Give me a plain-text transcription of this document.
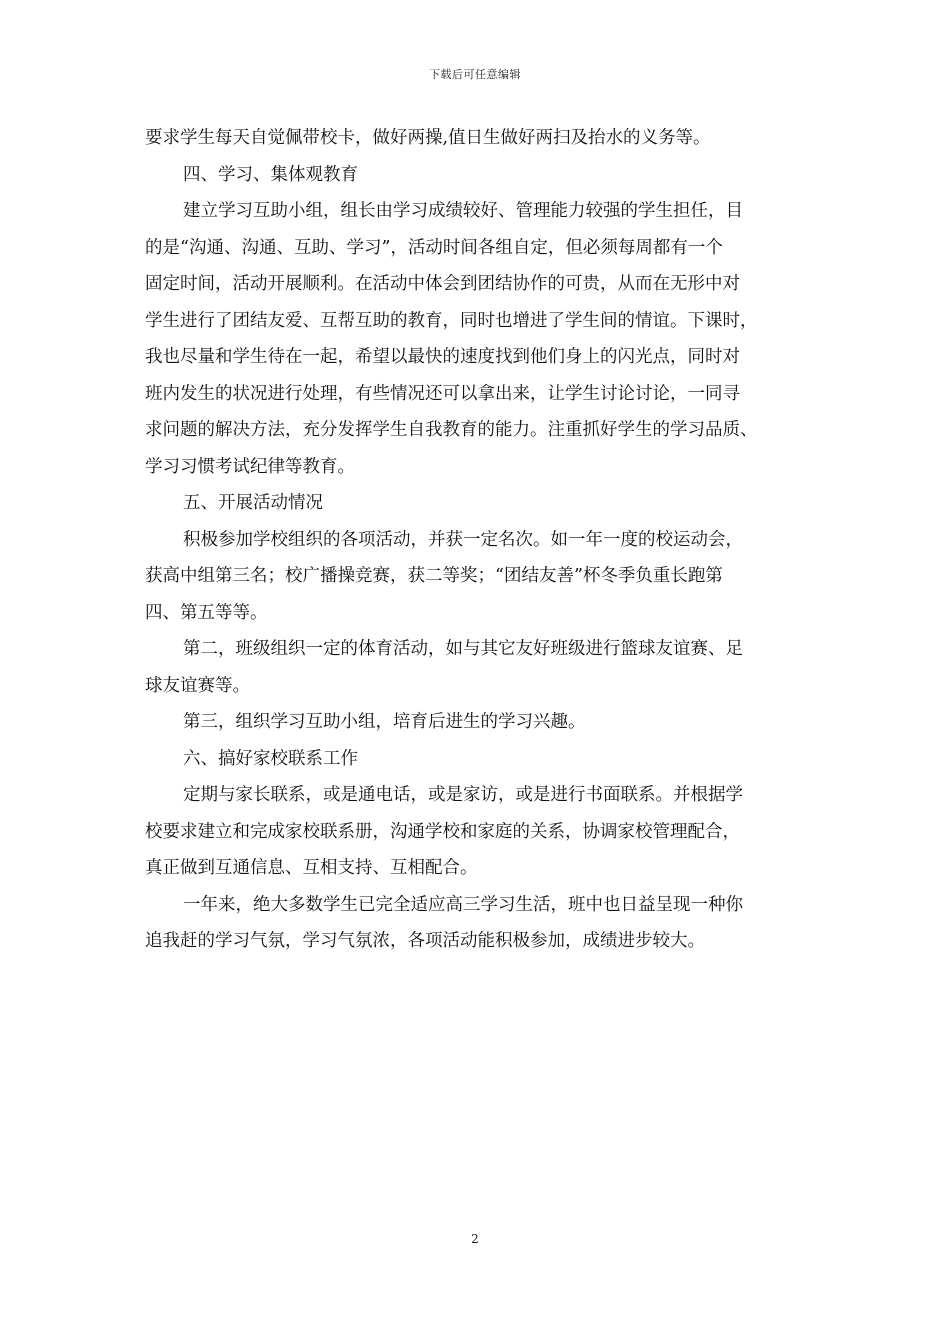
下载后可任意编辑
要求学生每天自觉佩带校卡，做好两操,值日生做好两扫及抬水的义务等。
四、学习、集体观教育
建立学习互助小组，组长由学习成绩较好、管理能力较强的学生担任，目
的是“沟通、沟通、互助、学习”，活动时间各组自定，但必须每周都有一个
固定时间，活动开展顺利。在活动中体会到团结协作的可贵，从而在无形中对
学生进行了团结友爱、互帮互助的教育，同时也增进了学生间的情谊。下课时，
我也尽量和学生待在一起，希望以最快的速度找到他们身上的闪光点，同时对
班内发生的状况进行处理，有些情况还可以拿出来，让学生讨论讨论，一同寻
求问题的解决方法，充分发挥学生自我教育的能力。注重抓好学生的学习品质、
学习习惯考试纪律等教育。
五、开展活动情况
积极参加学校组织的各项活动，并获一定名次。如一年一度的校运动会，
获高中组第三名；校广播操竞赛，获二等奖；“团结友善”杯冬季负重长跑第
四、第五等等。
第二，班级组织一定的体育活动，如与其它友好班级进行篮球友谊赛、足
球友谊赛等。
第三，组织学习互助小组，培育后进生的学习兴趣。
六、搞好家校联系工作
定期与家长联系，或是通电话，或是家访，或是进行书面联系。并根据学
校要求建立和完成家校联系册，沟通学校和家庭的关系，协调家校管理配合，
真正做到互通信息、互相支持、互相配合。
一年来，绝大多数学生已完全适应高三学习生活，班中也日益呈现一种你
追我赶的学习气氛，学习气氛浓，各项活动能积极参加，成绩进步较大。
2
